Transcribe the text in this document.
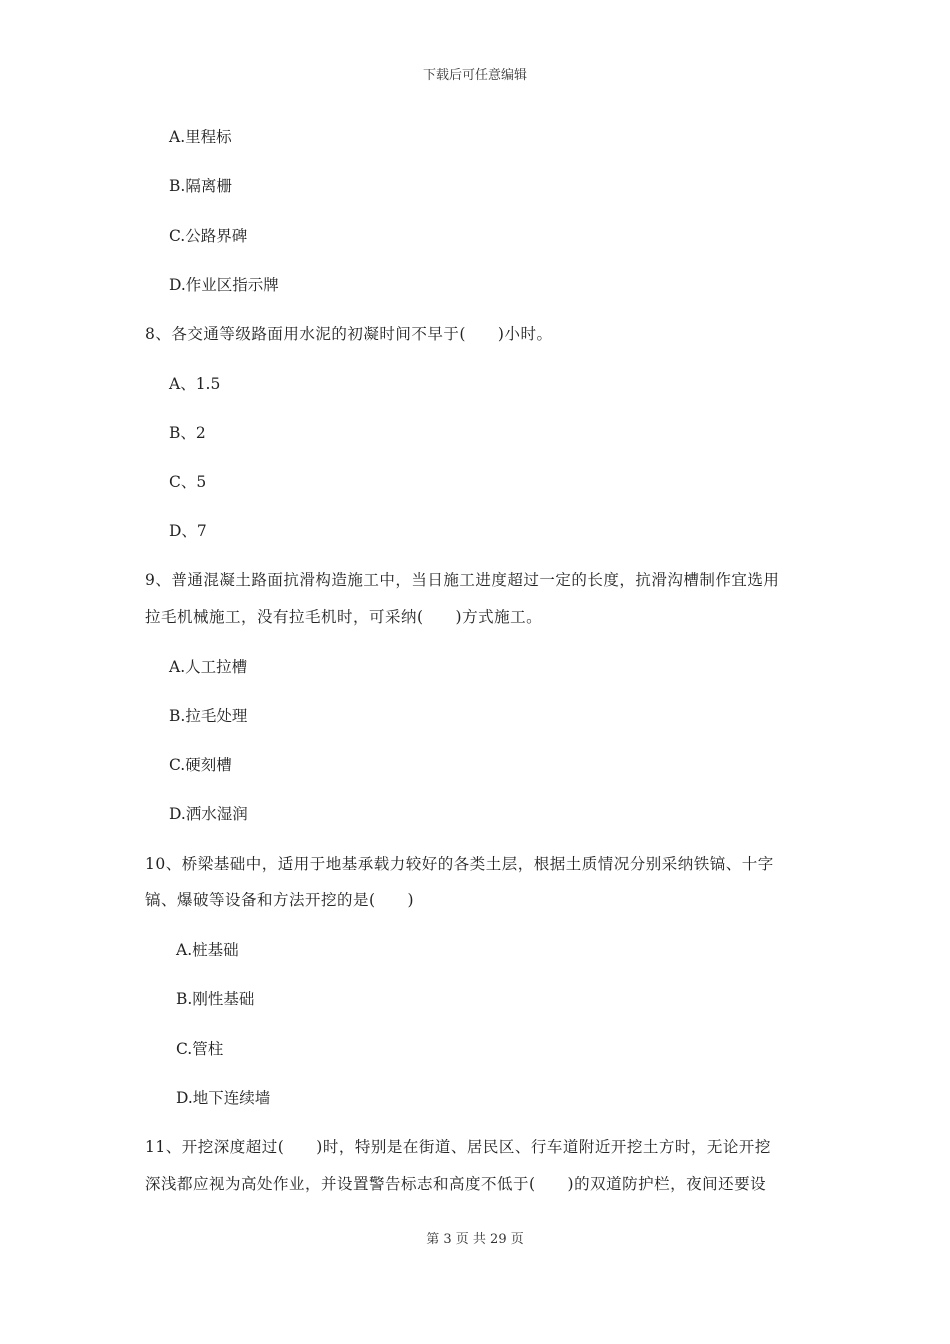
下载后可任意编辑
A.里程标
B.隔离栅
C.公路界碑
D.作业区指示牌
8、各交通等级路面用水泥的初凝时间不早于(　　)小时。
A、1.5
B、2
C、5
D、7
9、普通混凝土路面抗滑构造施工中，当日施工进度超过一定的长度，抗滑沟槽制作宜选用
拉毛机械施工，没有拉毛机时，可采纳(　　)方式施工。
A.人工拉槽
B.拉毛处理
C.硬刻槽
D.洒水湿润
10、桥梁基础中，适用于地基承载力较好的各类土层，根据土质情况分别采纳铁镐、十字
镐、爆破等设备和方法开挖的是(　　)
A.桩基础
B.刚性基础
C.管柱
D.地下连续墙
11、开挖深度超过(　　)时，特别是在街道、居民区、行车道附近开挖土方时，无论开挖
深浅都应视为高处作业，并设置警告标志和高度不低于(　　)的双道防护栏，夜间还要设
第 3 页 共 29 页
